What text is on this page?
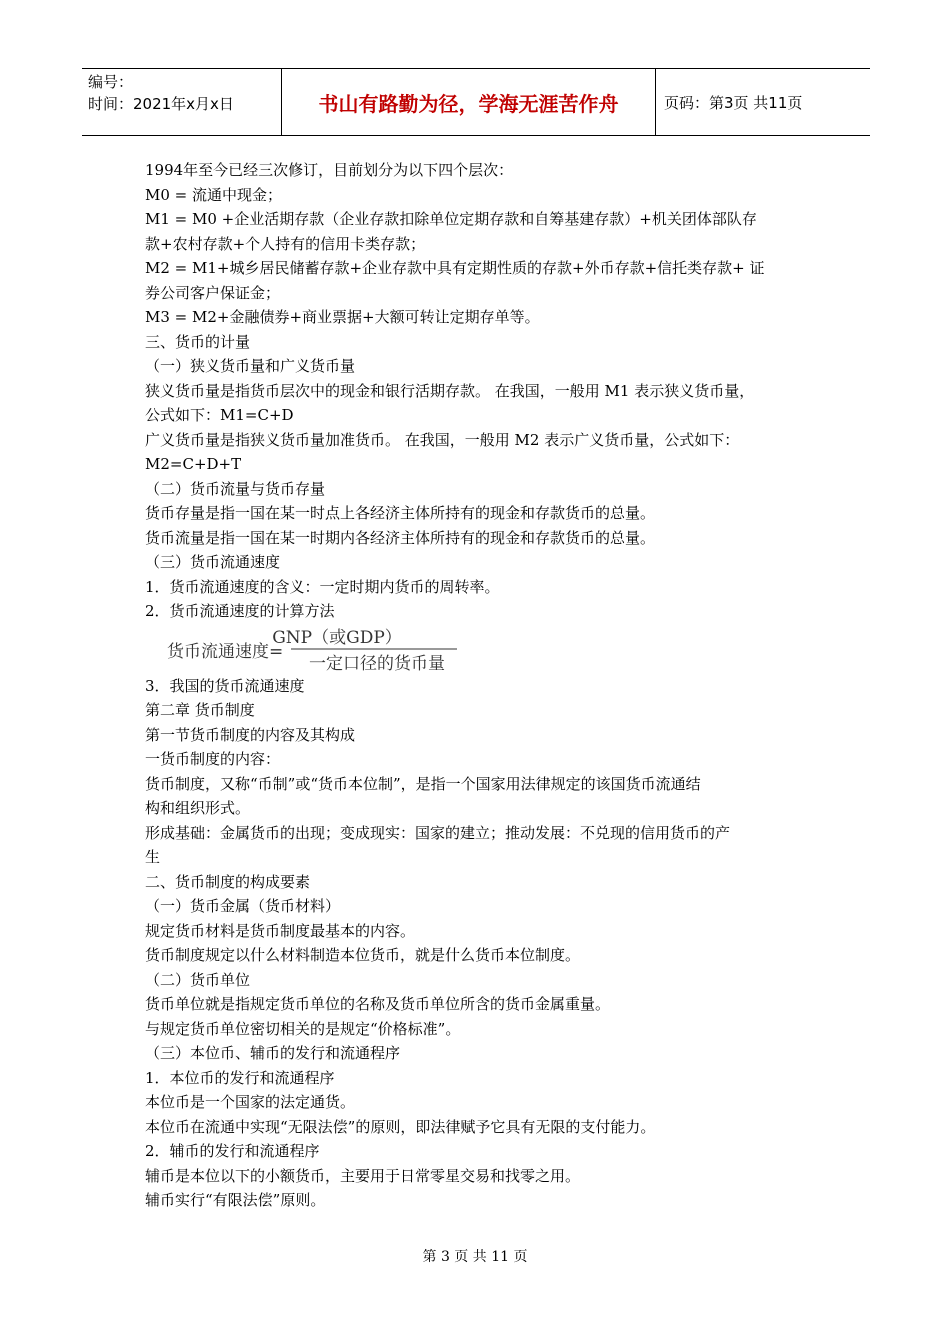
编号：
时间：2021年x月x日	书山有路勤为径，学海无涯苦作舟	页码：第3页 共11页
1994年至今已经三次修订，目前划分为以下四个层次：
M0 = 流通中现金；
M1 = M0 +企业活期存款（企业存款扣除单位定期存款和自筹基建存款）+机关团体部队存
款+农村存款+个人持有的信用卡类存款；
M2 = M1+城乡居民储蓄存款+企业存款中具有定期性质的存款+外币存款+信托类存款+ 证
券公司客户保证金；
M3 = M2+金融债券+商业票据+大额可转让定期存单等。
三、货币的计量
（一）狭义货币量和广义货币量
狭义货币量是指货币层次中的现金和银行活期存款。 在我国，一般用 M1 表示狭义货币量，
公式如下：M1=C+D
广义货币量是指狭义货币量加准货币。 在我国，一般用 M2 表示广义货币量，公式如下：
M2=C+D+T
（二）货币流量与货币存量
货币存量是指一国在某一时点上各经济主体所持有的现金和存款货币的总量。
货币流量是指一国在某一时期内各经济主体所持有的现金和存款货币的总量。
（三）货币流通速度
1．货币流通速度的含义：一定时期内货币的周转率。
2．货币流通速度的计算方法
货币流通速度=
GNP（或GDP）
一定口径的货币量
3．我国的货币流通速度
第二章 货币制度
第一节货币制度的内容及其构成
一货币制度的内容：
货币制度，又称“币制”或“货币本位制”，是指一个国家用法律规定的该国货币流通结
构和组织形式。
形成基础：金属货币的出现；变成现实：国家的建立；推动发展：不兑现的信用货币的产
生
二、货币制度的构成要素
（一）货币金属（货币材料）
规定货币材料是货币制度最基本的内容。
货币制度规定以什么材料制造本位货币，就是什么货币本位制度。
（二）货币单位
货币单位就是指规定货币单位的名称及货币单位所含的货币金属重量。
与规定货币单位密切相关的是规定“价格标准”。
（三）本位币、辅币的发行和流通程序
1．本位币的发行和流通程序
本位币是一个国家的法定通货。
本位币在流通中实现“无限法偿”的原则，即法律赋予它具有无限的支付能力。
2．辅币的发行和流通程序
辅币是本位以下的小额货币，主要用于日常零星交易和找零之用。
辅币实行“有限法偿”原则。
第 3 页 共 11 页
